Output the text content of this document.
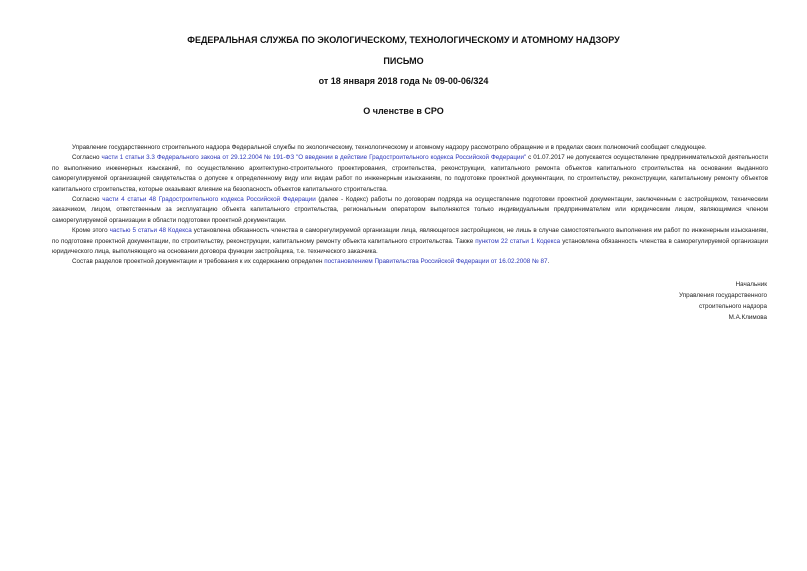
ФЕДЕРАЛЬНАЯ СЛУЖБА ПО ЭКОЛОГИЧЕСКОМУ, ТЕХНОЛОГИЧЕСКОМУ И АТОМНОМУ НАДЗОРУ
ПИСЬМО
от 18 января 2018 года № 09-00-06/324
О членстве в СРО

Управление государственного строительного надзора Федеральной службы по экологическому, технологическому и атомному надзору рассмотрело обращение и в пределах своих полномочий сообщает следующее.

Согласно части 1 статьи 3.3 Федерального закона от 29.12.2004 № 191-ФЗ "О введении в действие Градостроительного кодекса Российской Федерации" с 01.07.2017 не допускается осуществление предпринимательской деятельности по выполнению инженерных изысканий, по осуществлению архитектурно-строительного проектирования, строительства, реконструкции, капитального ремонта объектов капитального строительства на основании выданного саморегулируемой организацией свидетельства о допуске к определенному виду или видам работ по инженерным изысканиям, по подготовке проектной документации, по строительству, реконструкции, капитальному ремонту объектов капитального строительства, которые оказывают влияние на безопасность объектов капитального строительства.

Согласно части 4 статьи 48 Градостроительного кодекса Российской Федерации (далее - Кодекс) работы по договорам подряда на осуществление подготовки проектной документации, заключенным с застройщиком, техническим заказчиком, лицом, ответственным за эксплуатацию объекта капитального строительства, региональным оператором выполняются только индивидуальным предпринимателем или юридическим лицом, являющимися членом саморегулируемой организации в области подготовки проектной документации.

Кроме этого частью 5 статьи 48 Кодекса установлена обязанность членства в саморегулируемой организации лица, являющегося застройщиком, не лишь в случае самостоятельного выполнения им работ по инженерным изысканиям, по подготовке проектной документации, по строительству, реконструкции, капитальному ремонту объекта капитального строительства. Также пунктом 22 статьи 1 Кодекса установлена обязанность членства в саморегулируемой организации юридического лица, выполняющего на основании договора функции застройщика, т.е. технического заказчика.

Состав разделов проектной документации и требования к их содержанию определен постановлением Правительства Российской Федерации от 16.02.2008 № 87.

Начальник
Управления государственного
строительного надзора
М.А.Климова
